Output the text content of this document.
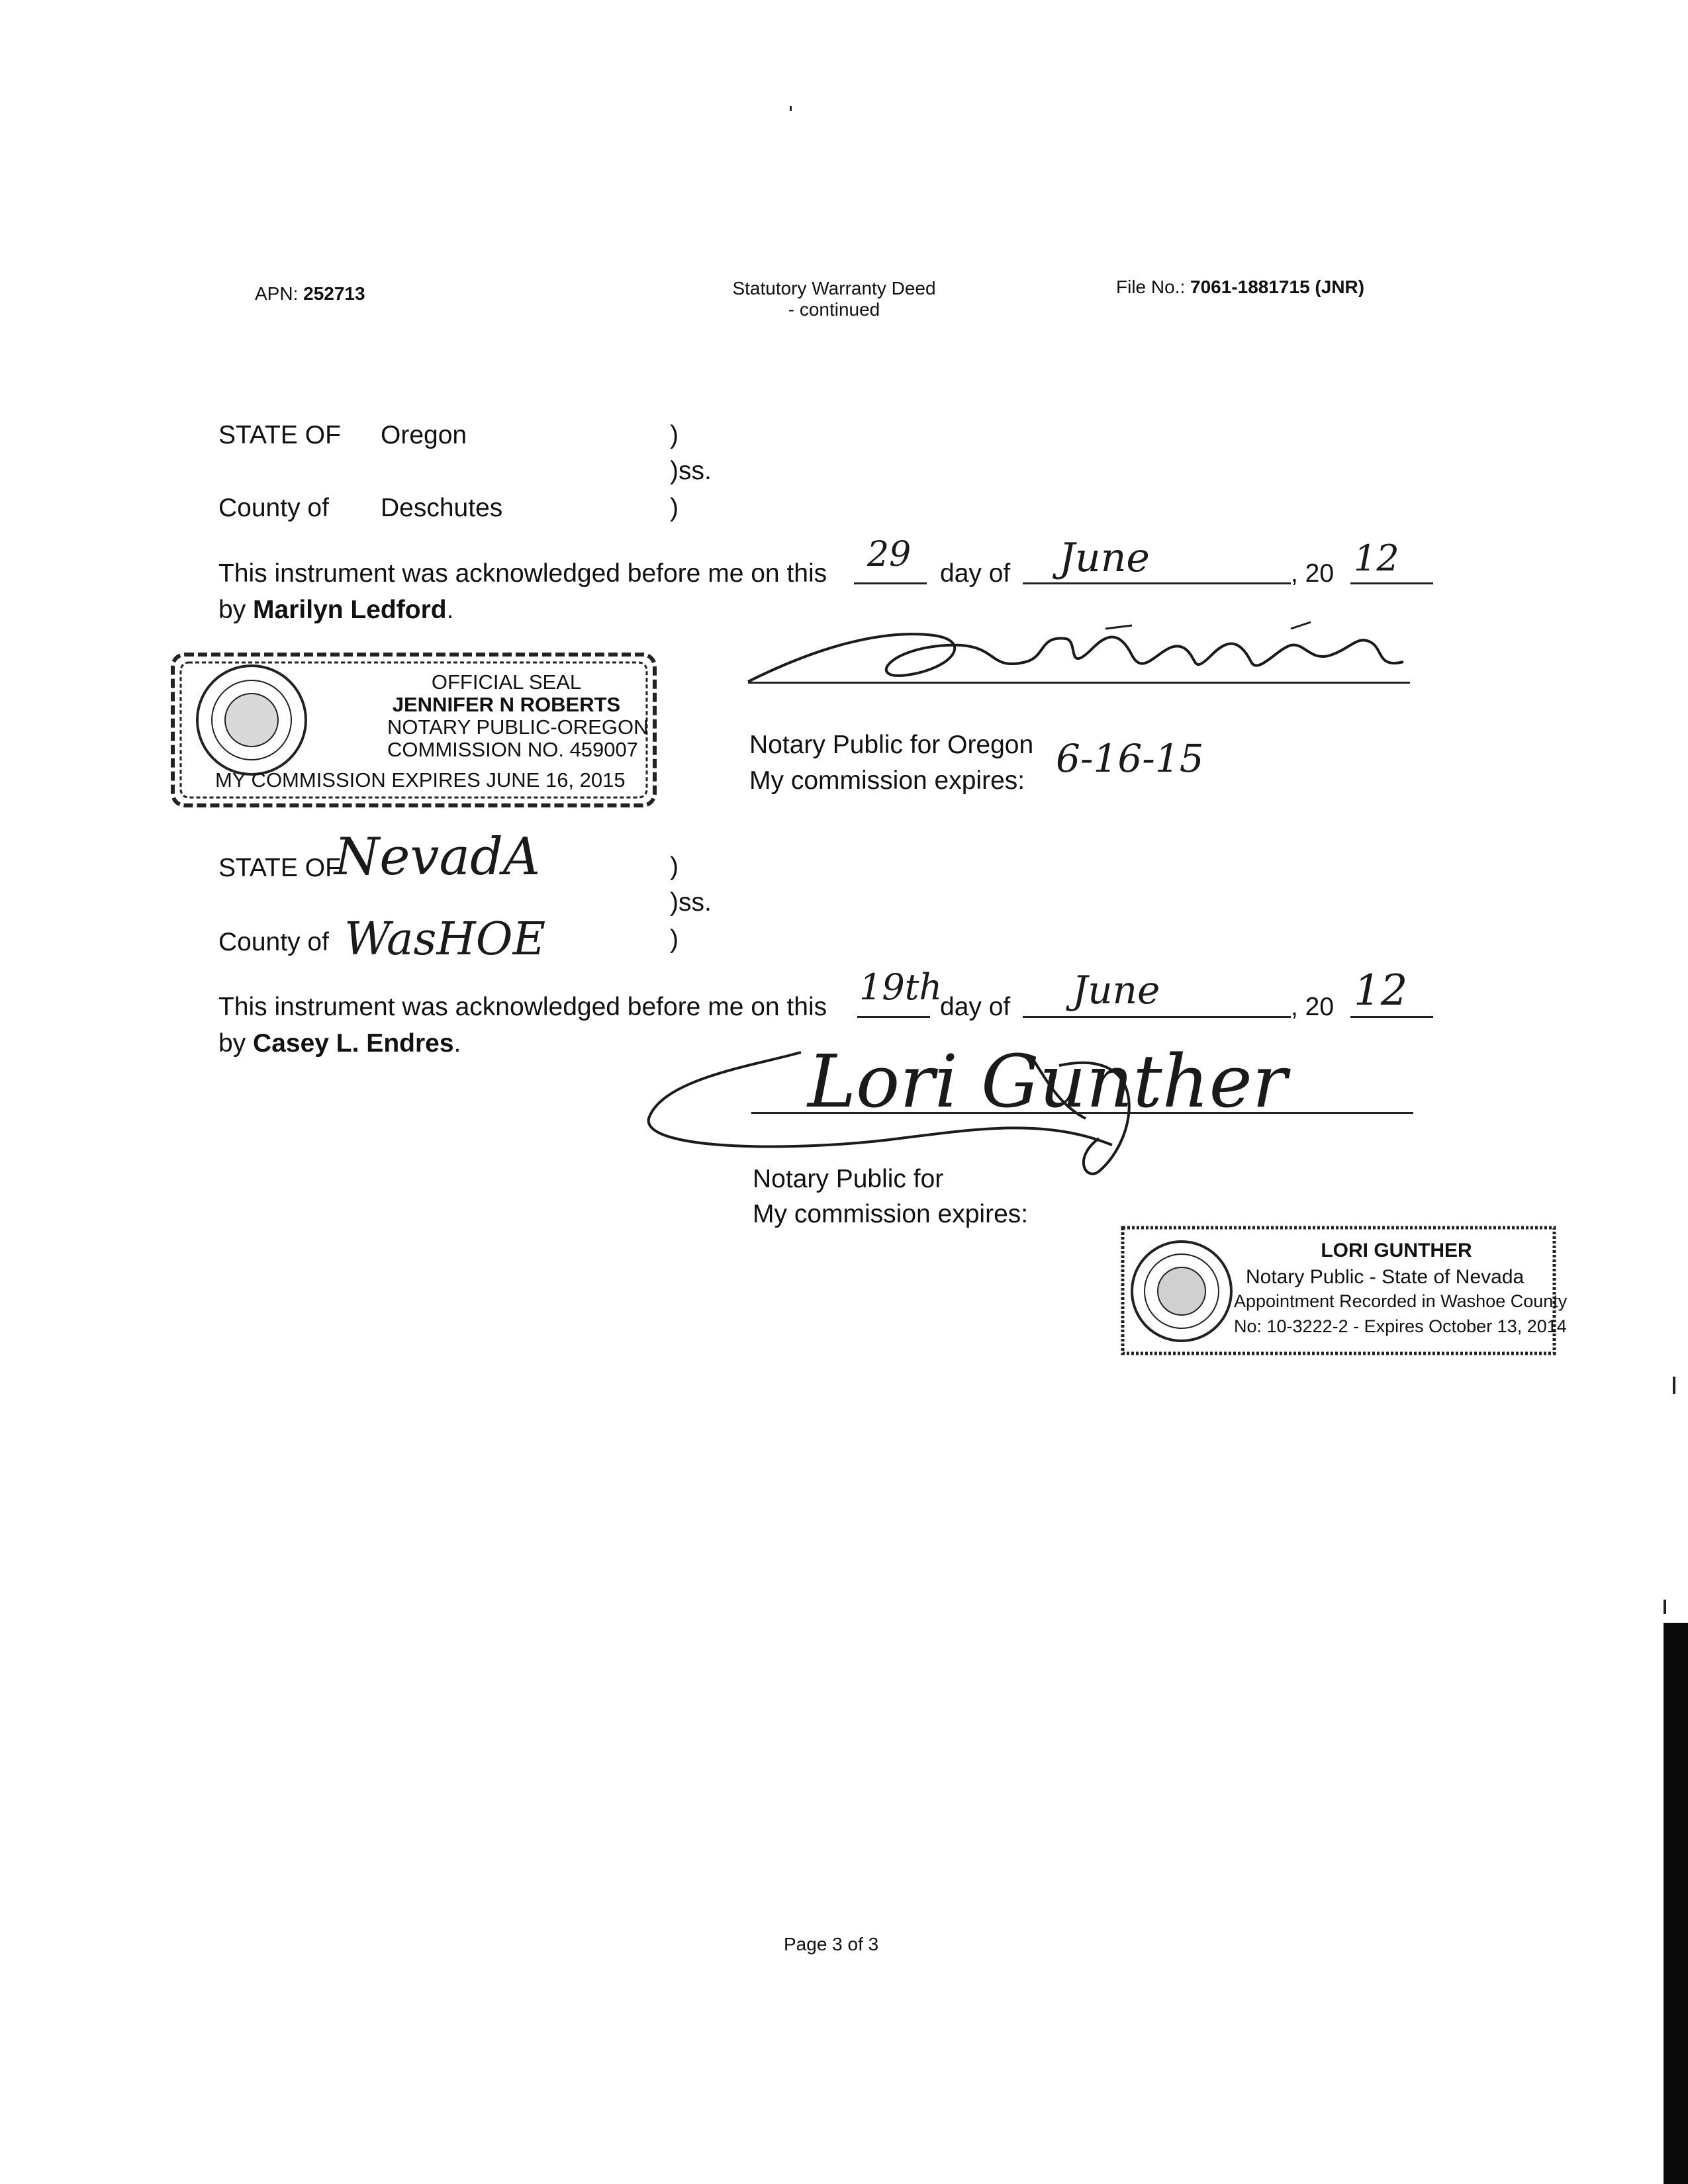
APN: 252713	Statutory Warranty Deed
- continued
File No.: 7061-1881715 (JNR)
STATE OF Oregon	)
)ss.
County of Deschutes	)
This instrument was acknowledged before me on this 29 day of June	, 20 12
by Marilyn Ledford.
Notary Public for Oregon
My commission expires: 6-16-15
OFFICIAL SEAL
JENNIFER N ROBERTS
NOTARY PUBLIC-OREGON
COMMISSION NO. 459007
MY COMMISSION EXPIRES JUNE 16, 2015
STATE OF
NevadA	)
)ss.
County of WasHOE	)
This instrument was acknowledged before me on this 19th
day of June	, 20 12
by Casey L. Endres.	Lori Gunther
Notary Public for
My commission expires:
LORI GUNTHER
Notary Public - State of Nevada
Appointment Recorded in Washoe County
No: 10-3222-2 - Expires October 13, 2014
Page 3 of 3
